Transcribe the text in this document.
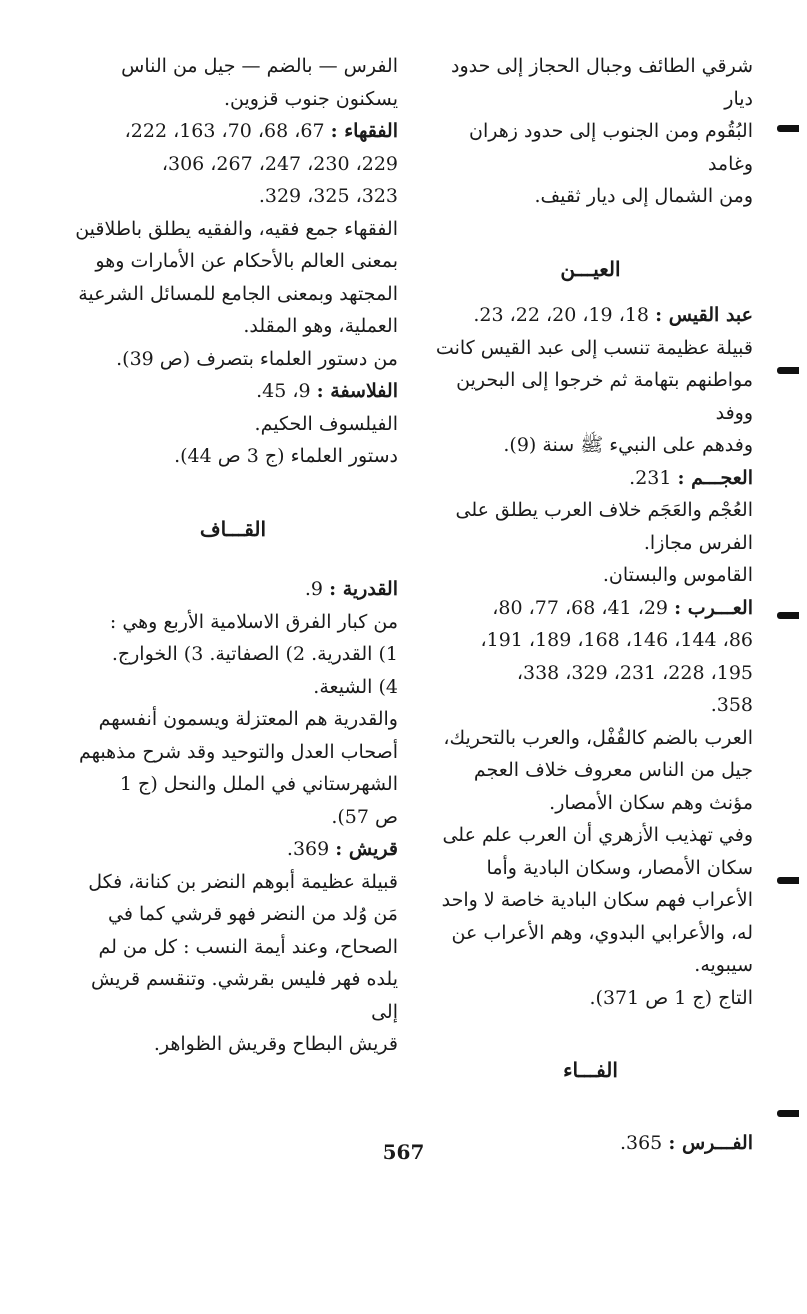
شرقي الطائف وجبال الحجاز إلى حدود ديار

البُقُوم ومن الجنوب إلى حدود زهران وغامد

ومن الشمال إلى ديار ثقيف.

العيـــن

عبد القيس : 18، 19، 20، 22، 23.

قبيلة عظيمة تنسب إلى عبد القيس كانت

مواطنهم بتهامة ثم خرجوا إلى البحرين ووفد

وفدهم على النبيء ﷺ سنة (9).

العجـــم : 231.

العُجْم والعَجَم خلاف العرب يطلق على

الفرس مجازا.

القاموس والبستان.

العـــرب : 29، 41، 68، 77، 80،

86، 144، 146، 168، 189، 191،

195، 228، 231، 329، 338،

358.

العرب بالضم كالقُفْل، والعرب بالتحريك،

جيل من الناس معروف خلاف العجم

مؤنث وهم سكان الأمصار.

وفي تهذيب الأزهري أن العرب علم على

سكان الأمصار، وسكان البادية وأما

الأعراب فهم سكان البادية خاصة لا واحد

له، والأعرابي البدوي، وهم الأعراب عن

سيبويه.

التاج (ج 1 ص 371).

الفـــاء

الفـــرس : 365.

الفرس — بالضم — جيل من الناس

يسكنون جنوب قزوين.

الفقهاء : 67، 68، 70، 163، 222،

229، 230، 247، 267، 306،

323، 325، 329.

الفقهاء جمع فقيه، والفقيه يطلق باطلاقين

بمعنى العالم بالأحكام عن الأمارات وهو

المجتهد وبمعنى الجامع للمسائل الشرعية

العملية، وهو المقلد.

من دستور العلماء بتصرف (ص 39).

الفلاسفة : 9، 45.

الفيلسوف الحكيم.

دستور العلماء (ج 3 ص 44).

القـــاف

القدرية : 9.

من كبار الفرق الاسلامية الأربع وهي :

1) القدرية. 2) الصفاتية. 3) الخوارج.

4) الشيعة.

والقدرية هم المعتزلة ويسمون أنفسهم

أصحاب العدل والتوحيد وقد شرح مذهبهم

الشهرستاني في الملل والنحل (ج 1

ص 57).

قريش : 369.

قبيلة عظيمة أبوهم النضر بن كنانة، فكل

مَن وُلد من النضر فهو قرشي كما في

الصحاح، وعند أيمة النسب : كل من لم

يلده فهر فليس بقرشي. وتنقسم قريش إلى

قريش البطاح وقريش الظواهر.

567
